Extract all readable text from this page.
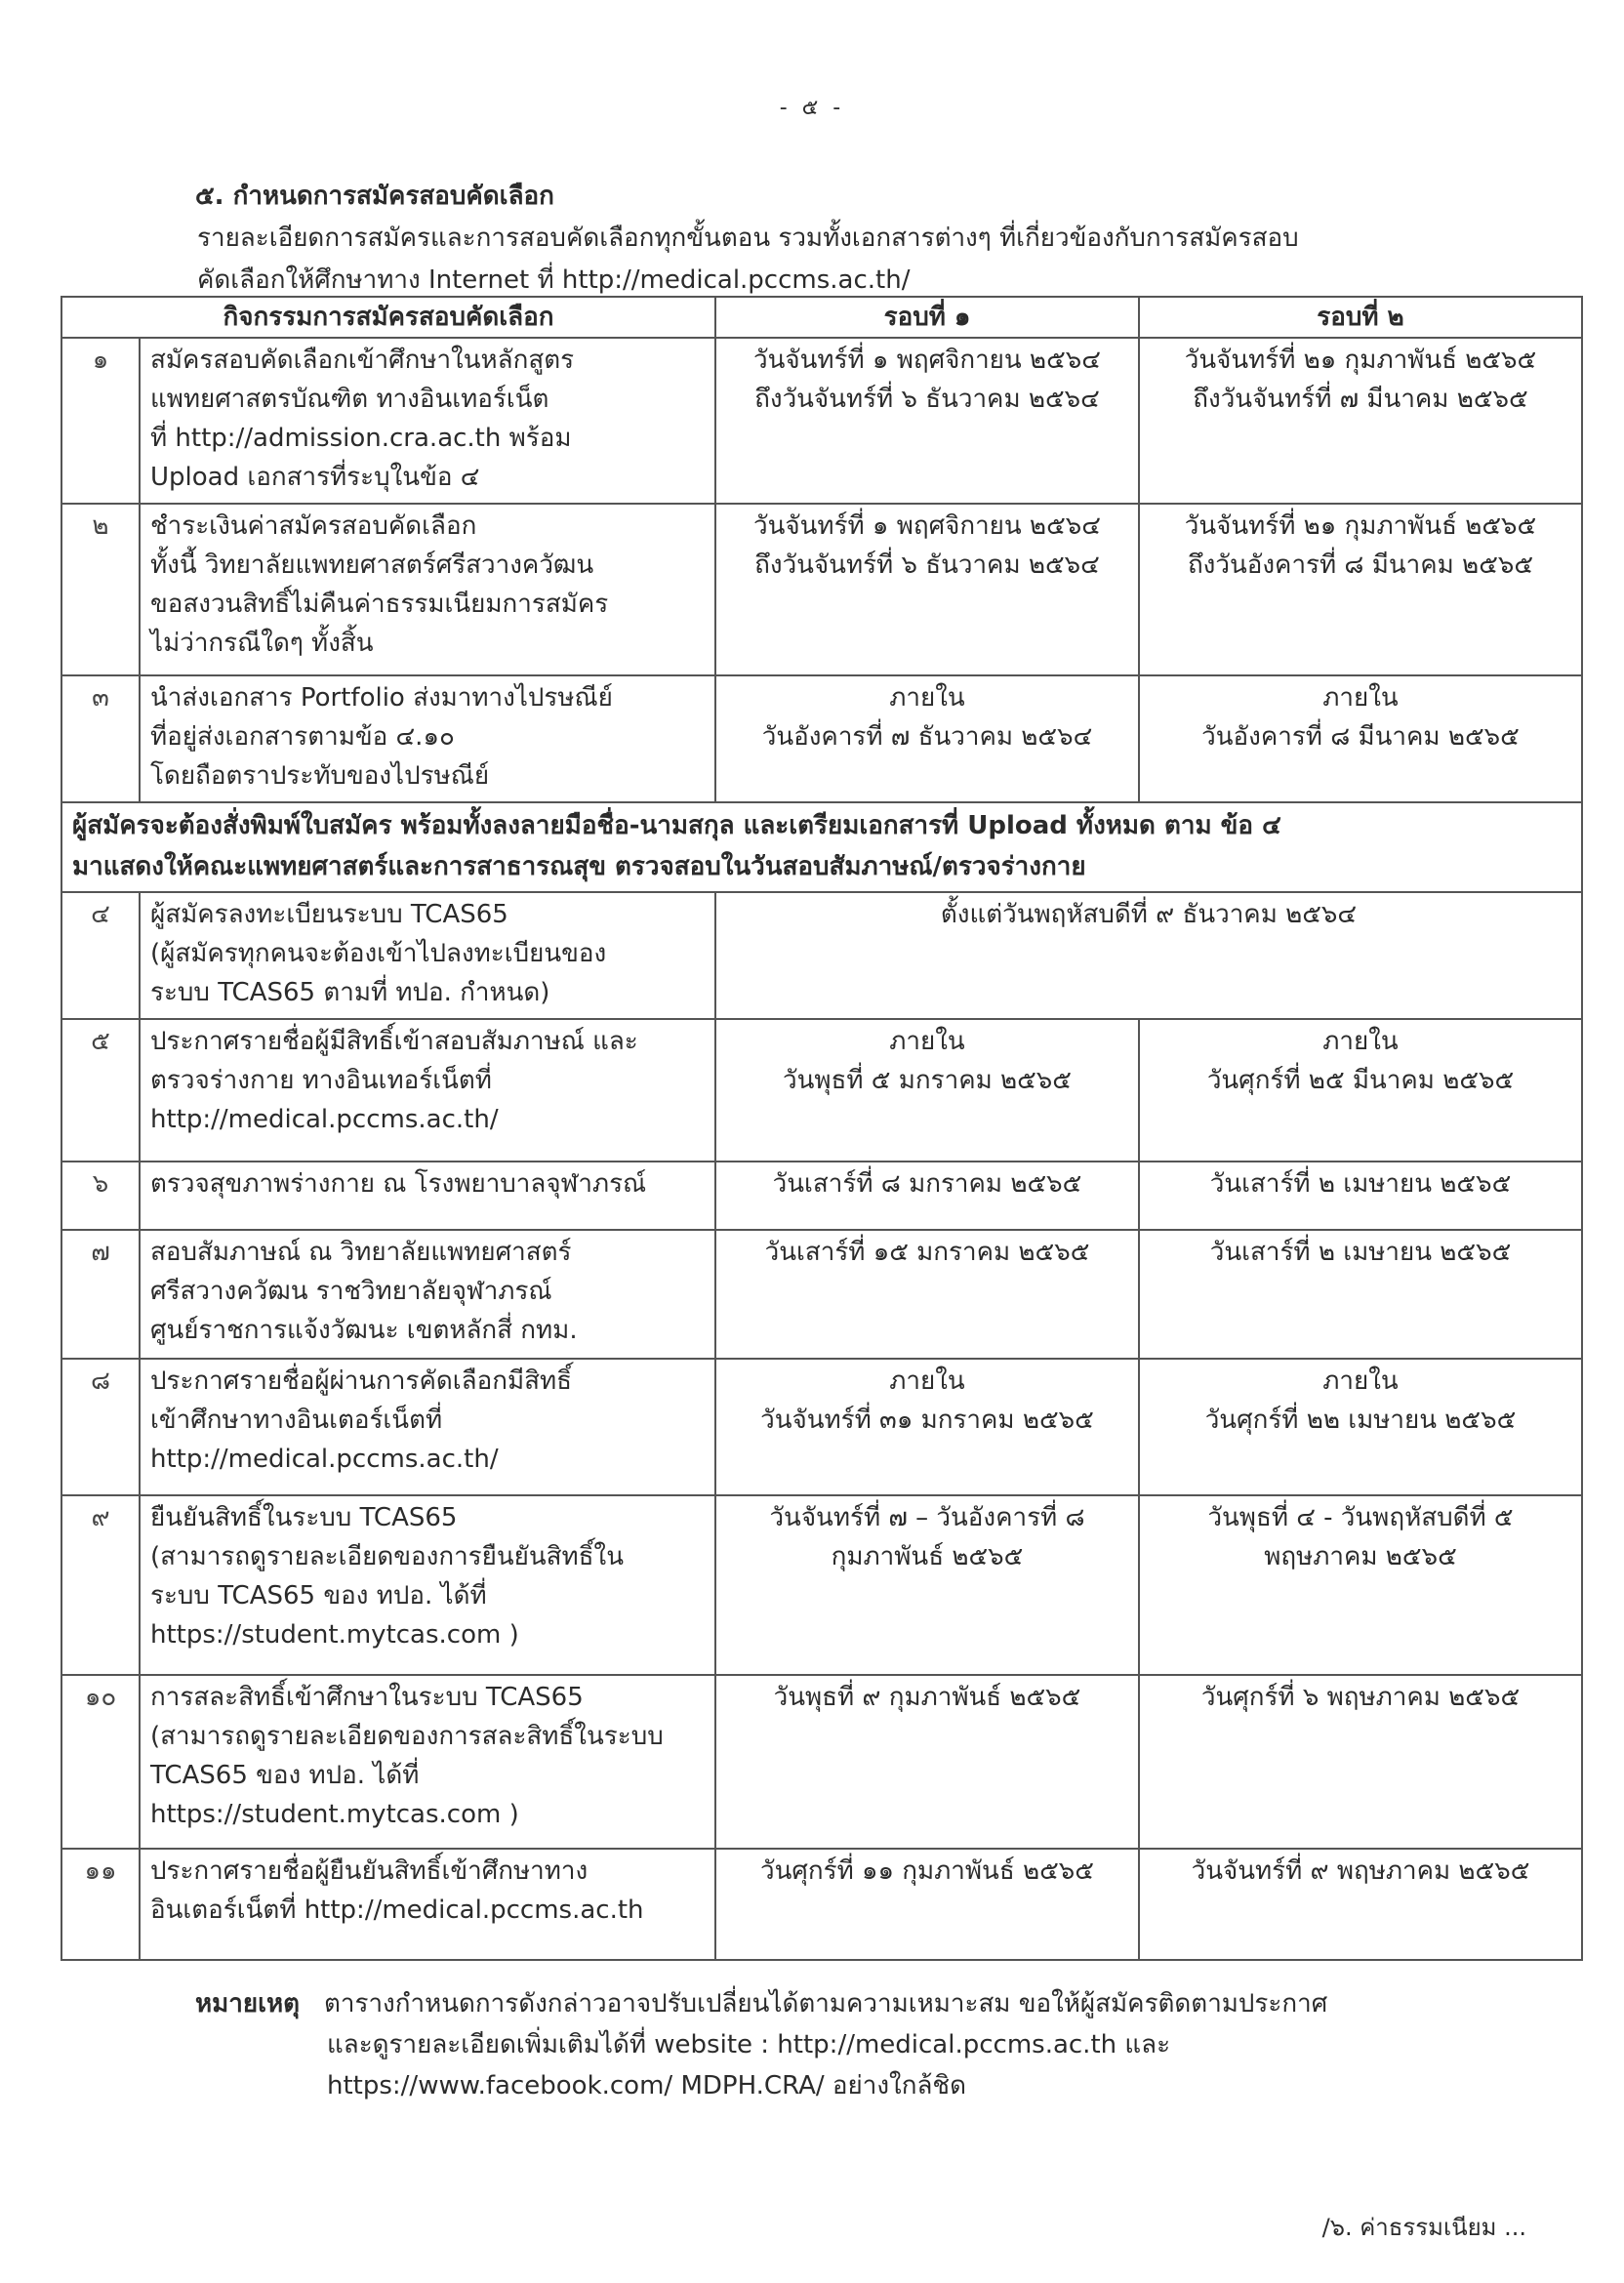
- ๕ -
๕. กำหนดการสมัครสอบคัดเลือก
รายละเอียดการสมัครและการสอบคัดเลือกทุกขั้นตอน รวมทั้งเอกสารต่างๆ ที่เกี่ยวข้องกับการสมัครสอบ
คัดเลือกให้ศึกษาทาง Internet ที่ http://medical.pccms.ac.th/
กิจกรรมการสมัครสอบคัดเลือก		รอบที่ ๑	รอบที่ ๒
๑	สมัครสอบคัดเลือกเข้าศึกษาในหลักสูตร
แพทยศาสตรบัณฑิต ทางอินเทอร์เน็ต
ที่ http://admission.cra.ac.th พร้อม
Upload เอกสารที่ระบุในข้อ ๔	วันจันทร์ที่ ๑ พฤศจิกายน ๒๕๖๔
ถึงวันจันทร์ที่ ๖ ธันวาคม ๒๕๖๔	วันจันทร์ที่ ๒๑ กุมภาพันธ์ ๒๕๖๕
ถึงวันจันทร์ที่ ๗ มีนาคม ๒๕๖๕

๒	ชำระเงินค่าสมัครสอบคัดเลือก
ทั้งนี้ วิทยาลัยแพทยศาสตร์ศรีสวางควัฒน
ขอสงวนสิทธิ์ไม่คืนค่าธรรมเนียมการสมัคร
ไม่ว่ากรณีใดๆ ทั้งสิ้น	วันจันทร์ที่ ๑ พฤศจิกายน ๒๕๖๔
ถึงวันจันทร์ที่ ๖ ธันวาคม ๒๕๖๔	วันจันทร์ที่ ๒๑ กุมภาพันธ์ ๒๕๖๕
ถึงวันอังคารที่ ๘ มีนาคม ๒๕๖๕

๓	นำส่งเอกสาร Portfolio ส่งมาทางไปรษณีย์
ที่อยู่ส่งเอกสารตามข้อ ๔.๑๐
โดยถือตราประทับของไปรษณีย์	ภายใน
วันอังคารที่ ๗ ธันวาคม ๒๕๖๔	ภายใน
วันอังคารที่ ๘ มีนาคม ๒๕๖๕

ผู้สมัครจะต้องสั่งพิมพ์ใบสมัคร พร้อมทั้งลงลายมือชื่อ-นามสกุล และเตรียมเอกสารที่ Upload ทั้งหมด ตาม ข้อ ๔
มาแสดงให้คณะแพทยศาสตร์และการสาธารณสุข ตรวจสอบในวันสอบสัมภาษณ์/ตรวจร่างกาย			

๔	ผู้สมัครลงทะเบียนระบบ TCAS65
(ผู้สมัครทุกคนจะต้องเข้าไปลงทะเบียนของ
ระบบ TCAS65 ตามที่ ทปอ. กำหนด)	ตั้งแต่วันพฤหัสบดีที่ ๙ ธันวาคม ๒๕๖๔	
๕	ประกาศรายชื่อผู้มีสิทธิ์เข้าสอบสัมภาษณ์ และ
ตรวจร่างกาย ทางอินเทอร์เน็ตที่
http://medical.pccms.ac.th/	ภายใน
วันพุธที่ ๕ มกราคม ๒๕๖๕	ภายใน
วันศุกร์ที่ ๒๕ มีนาคม ๒๕๖๕

๖	ตรวจสุขภาพร่างกาย ณ โรงพยาบาลจุฬาภรณ์	วันเสาร์ที่ ๘ มกราคม ๒๕๖๕	วันเสาร์ที่ ๒ เมษายน ๒๕๖๕

๗	สอบสัมภาษณ์ ณ วิทยาลัยแพทยศาสตร์
ศรีสวางควัฒน ราชวิทยาลัยจุฬาภรณ์
ศูนย์ราชการแจ้งวัฒนะ เขตหลักสี่ กทม.	วันเสาร์ที่ ๑๕ มกราคม ๒๕๖๕	วันเสาร์ที่ ๒ เมษายน ๒๕๖๕

๘	ประกาศรายชื่อผู้ผ่านการคัดเลือกมีสิทธิ์
เข้าศึกษาทางอินเตอร์เน็ตที่
http://medical.pccms.ac.th/	ภายใน
วันจันทร์ที่ ๓๑ มกราคม ๒๕๖๕	ภายใน
วันศุกร์ที่ ๒๒ เมษายน ๒๕๖๕

๙	ยืนยันสิทธิ์ในระบบ TCAS65
(สามารถดูรายละเอียดของการยืนยันสิทธิ์ใน
ระบบ TCAS65 ของ ทปอ. ได้ที่
https://student.mytcas.com )	วันจันทร์ที่ ๗ – วันอังคารที่ ๘
กุมภาพันธ์ ๒๕๖๕	วันพุธที่ ๔ - วันพฤหัสบดีที่ ๕
พฤษภาคม ๒๕๖๕

๑๐	การสละสิทธิ์เข้าศึกษาในระบบ TCAS65
(สามารถดูรายละเอียดของการสละสิทธิ์ในระบบ
TCAS65 ของ ทปอ. ได้ที่
https://student.mytcas.com )	วันพุธที่ ๙ กุมภาพันธ์ ๒๕๖๕	วันศุกร์ที่ ๖ พฤษภาคม ๒๕๖๕

๑๑	ประกาศรายชื่อผู้ยืนยันสิทธิ์เข้าศึกษาทาง
อินเตอร์เน็ตที่ http://medical.pccms.ac.th	วันศุกร์ที่ ๑๑ กุมภาพันธ์ ๒๕๖๕	วันจันทร์ที่ ๙ พฤษภาคม ๒๕๖๕
หมายเหตุ ตารางกำหนดการดังกล่าวอาจปรับเปลี่ยนได้ตามความเหมาะสม ขอให้ผู้สมัครติดตามประกาศ
และดูรายละเอียดเพิ่มเติมได้ที่ website : http://medical.pccms.ac.th และ
https://www.facebook.com/ MDPH.CRA/ อย่างใกล้ชิด
/๖. ค่าธรรมเนียม ...
